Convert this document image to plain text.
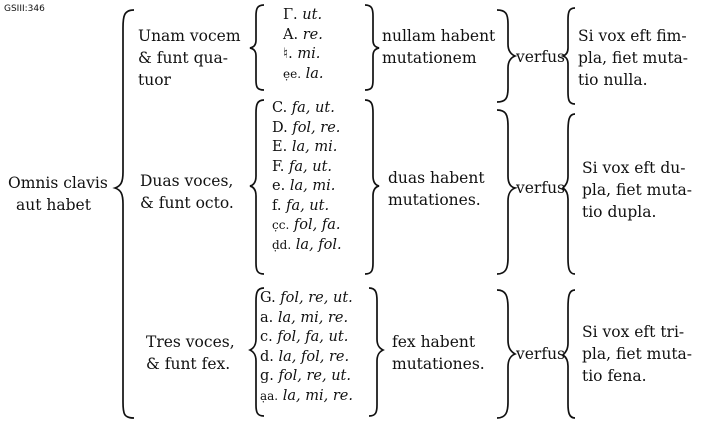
GSIII:346
Omnis clavis
aut habet
Unam vocem
& funt qua-
tuor
Γ. ut.
A. re.
♮. mi.
ẹe. la.
nullam habent
mutationem	verfus
Si vox eft fim-
pla, fiet muta-
tio nulla.
Duas voces,
& funt octo.
C. fa, ut.
D. fol, re.
E. la, mi.
F. fa, ut.
e. la, mi.
f. fa, ut.
c̣c. fol, fa.
ḍd. la, fol.
duas habent
mutationes.
verfus
Si vox eft du-
pla, fiet muta-
tio dupla.
Tres voces,
& funt fex.
G. fol, re, ut.
a. la, mi, re.
c. fol, fa, ut.
d. la, fol, re.
g. fol, re, ut.
ạa. la, mi, re.
fex habent
mutationes.
verfus
Si vox eft tri-
pla, fiet muta-
tio fena.
